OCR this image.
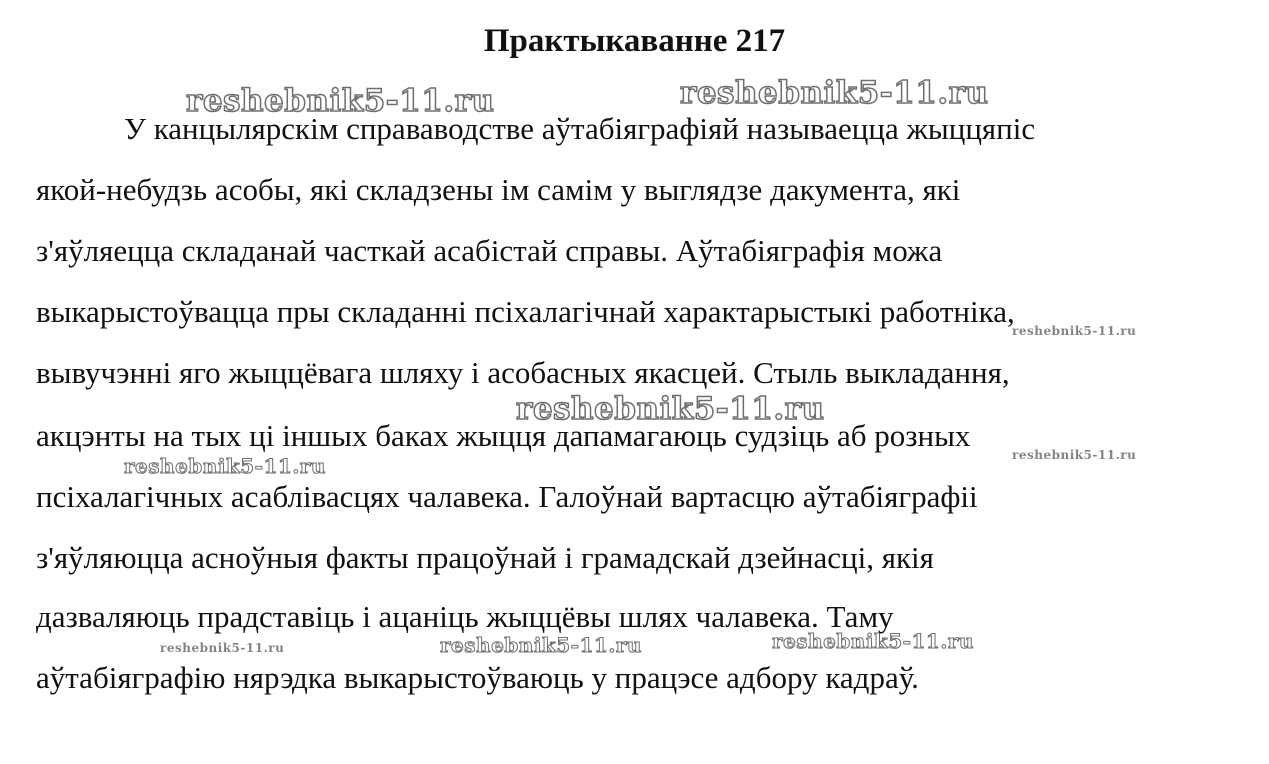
Практыкаванне 217
У канцылярскім справаводстве аўтабіяграфіяй называецца жыццяпіс
якой-небудзь асобы, які складзены ім самім у выглядзе дакумента, які
з'яўляецца складанай часткай асабістай справы. Аўтабіяграфія можа
выкарыстоўвацца пры складанні псіхалагічнай характарыстыкі работніка,
вывучэнні яго жыццёвага шляху і асобасных якасцей. Стыль выкладання,
акцэнты на тых ці іншых баках жыцця дапамагаюць судзіць аб розных
псіхалагічных асаблівасцях чалавека. Галоўнай вартасцю аўтабіяграфіі
з'яўляюцца асноўныя факты працоўнай і грамадскай дзейнасці, якія
дазваляюць прадставіць і ацаніць жыццёвы шлях чалавека. Таму
аўтабіяграфію нярэдка выкарыстоўваюць у працэсе адбору кадраў.
reshebnik5-11.ru	reshebnik5-11.ru
reshebnik5-11.ru
reshebnik5-11.ru
reshebnik5-11.ru
reshebnik5-11.ru
reshebnik5-11.ru	reshebnik5-11.ru	reshebnik5-11.ru
